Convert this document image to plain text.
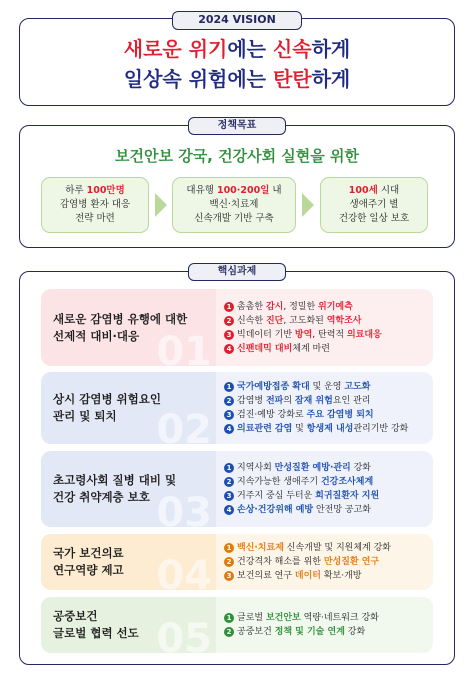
2024 VISION
새로운 위기에는 신속하게
일상속 위험에는 탄탄하게
정책목표
보건안보 강국, 건강사회 실현을 위한
하루 100만명
감염병 환자 대응
전략 마련
대유행 100·200일 내
백신·치료제
신속개발 기반 구축
100세 시대
생애주기 별
건강한 일상 보호
핵심과제
01
새로운 감염병 유행에 대한
선제적 대비·대응
1 촘촘한 감시, 정밀한 위기예측
2 신속한 진단, 고도화된 역학조사
3 빅데이터 기반 방역, 탄력적 의료대응
4 신팬데믹 대비체계 마련
02
상시 감염병 위험요인
관리 및 퇴치
1 국가예방접종 확대 및 운영 고도화
2 감염병 전파의 잠재 위험요인 관리
3 검진·예방 강화로 주요 감염병 퇴치
4 의료관련 감염 및 항생제 내성관리기반 강화
03
초고령사회 질병 대비 및
건강 취약계층 보호
1 지역사회 만성질환 예방·관리 강화
2 지속가능한 생애주기 건강조사체계
3 거주지 중심 두터운 희귀질환자 지원
4 손상·건강위해 예방 안전망 공고화
04
국가 보건의료
연구역량 제고
1 백신·치료제 신속개발 및 지원체계 강화
2 건강격차 해소를 위한 만성질환 연구
3 보건의료 연구 데이터 확보·개방
05
공중보건
글로벌 협력 선도
1 글로벌 보건안보 역량·네트워크 강화
2 공중보건 정책 및 기술 연계 강화
